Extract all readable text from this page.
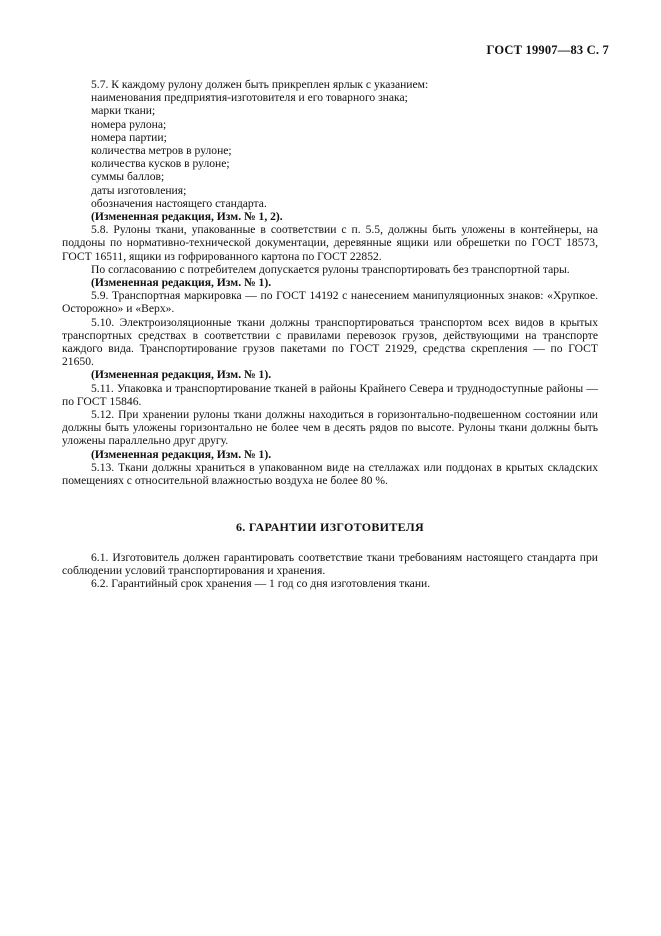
ГОСТ 19907—83 С. 7

5.7. К каждому рулону должен быть прикреплен ярлык с указанием:

наименования предприятия-изготовителя и его товарного знака;

марки ткани;

номера рулона;

номера партии;

количества метров в рулоне;

количества кусков в рулоне;

суммы баллов;

даты изготовления;

обозначения настоящего стандарта.

(Измененная редакция, Изм. № 1, 2).

5.8. Рулоны ткани, упакованные в соответствии с п. 5.5, должны быть уложены в контейнеры, на поддоны по нормативно-технической документации, деревянные ящики или обрешетки по ГОСТ 18573, ГОСТ 16511, ящики из гофрированного картона по ГОСТ 22852.

По согласованию с потребителем допускается рулоны транспортировать без транспортной тары.

(Измененная редакция, Изм. № 1).

5.9. Транспортная маркировка — по ГОСТ 14192 с нанесением манипуляционных знаков: «Хрупкое. Осторожно» и «Верх».

5.10. Электроизоляционные ткани должны транспортироваться транспортом всех видов в крытых транспортных средствах в соответствии с правилами перевозок грузов, действующими на транспорте каждого вида. Транспортирование грузов пакетами по ГОСТ 21929, средства скрепления — по ГОСТ 21650.

(Измененная редакция, Изм. № 1).

5.11. Упаковка и транспортирование тканей в районы Крайнего Севера и труднодоступные районы — по ГОСТ 15846.

5.12. При хранении рулоны ткани должны находиться в горизонтально-подвешенном состоянии или должны быть уложены горизонтально не более чем в десять рядов по высоте. Рулоны ткани должны быть уложены параллельно друг другу.

(Измененная редакция, Изм. № 1).

5.13. Ткани должны храниться в упакованном виде на стеллажах или поддонах в крытых складских помещениях с относительной влажностью воздуха не более 80 %.

6. ГАРАНТИИ ИЗГОТОВИТЕЛЯ

6.1. Изготовитель должен гарантировать соответствие ткани требованиям настоящего стандарта при соблюдении условий транспортирования и хранения.

6.2. Гарантийный срок хранения — 1 год со дня изготовления ткани.
